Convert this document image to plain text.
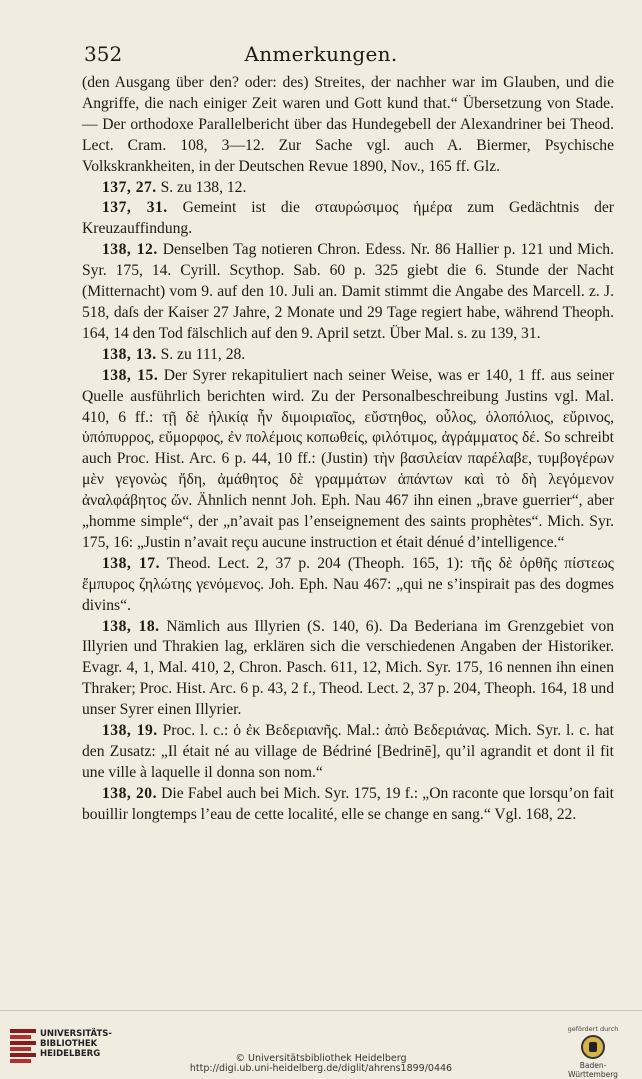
Anmerkungen.
352

(den Ausgang über den? oder: des) Streites, der nachher war im Glauben, und die Angriffe, die nach einiger Zeit waren und Gott kund that.“ Übersetzung von Stade. — Der orthodoxe Parallelbericht über das Hundegebell der Alexandriner bei Theod. Lect. Cram. 108, 3—12. Zur Sache vgl. auch A. Biermer, Psychische Volkskrankheiten, in der Deutschen Revue 1890, Nov., 165 ff. Glz.

137, 27. S. zu 138, 12.

137, 31. Gemeint ist die σταυρώσιμος ἡμέρα zum Gedächtnis der Kreuzauffindung.

138, 12. Denselben Tag notieren Chron. Edess. Nr. 86 Hallier p. 121 und Mich. Syr. 175, 14. Cyrill. Scythop. Sab. 60 p. 325 giebt die 6. Stunde der Nacht (Mitternacht) vom 9. auf den 10. Juli an. Damit stimmt die Angabe des Marcell. z. J. 518, daſs der Kaiser 27 Jahre, 2 Monate und 29 Tage regiert habe, während Theoph. 164, 14 den Tod fälschlich auf den 9. April setzt. Über Mal. s. zu 139, 31.

138, 13. S. zu 111, 28.

138, 15. Der Syrer rekapituliert nach seiner Weise, was er 140, 1 ff. aus seiner Quelle ausführlich berichten wird. Zu der Personalbeschreibung Justins vgl. Mal. 410, 6 ff.: τῇ δὲ ἡλικίᾳ ἦν διμοιριαῖος, εὔστηθος, οὖλος, ὁλοπόλιος, εὔρινος, ὑπόπυρρος, εὔμορφος, ἐν πολέμοις κοπωθείς, φιλότιμος, ἀγράμματος δέ. So schreibt auch Proc. Hist. Arc. 6 p. 44, 10 ff.: (Justin) τὴν βασιλείαν παρέλαβε, τυμβογέρων μὲν γεγονὼς ἤδη, ἀμάθητος δὲ γραμμάτων ἁπάντων καὶ τὸ δὴ λεγόμενον ἀναλφάβητος ὤν. Ähnlich nennt Joh. Eph. Nau 467 ihn einen „brave guerrier“, aber „homme simple“, der „n’avait pas l’enseignement des saints prophètes“. Mich. Syr. 175, 16: „Justin n’avait reçu aucune instruction et était dénué d’intelligence.“

138, 17. Theod. Lect. 2, 37 p. 204 (Theoph. 165, 1): τῆς δὲ ὀρθῆς πίστεως ἔμπυρος ζηλώτης γενόμενος. Joh. Eph. Nau 467: „qui ne s’inspirait pas des dogmes divins“.

138, 18. Nämlich aus Illyrien (S. 140, 6). Da Bederiana im Grenzgebiet von Illyrien und Thrakien lag, erklären sich die verschiedenen Angaben der Historiker. Evagr. 4, 1, Mal. 410, 2, Chron. Pasch. 611, 12, Mich. Syr. 175, 16 nennen ihn einen Thraker; Proc. Hist. Arc. 6 p. 43, 2 f., Theod. Lect. 2, 37 p. 204, Theoph. 164, 18 und unser Syrer einen Illyrier.

138, 19. Proc. l. c.: ὁ ἐκ Βεδεριανῆς. Mal.: ἀπὸ Βεδεριάνας. Mich. Syr. l. c. hat den Zusatz: „Il était né au village de Bédriné [Bedrinē], qu’il agrandit et dont il fit une ville à laquelle il donna son nom.“

138, 20. Die Fabel auch bei Mich. Syr. 175, 19 f.: „On raconte que lorsqu’on fait bouillir longtemps l’eau de cette localité, elle se change en sang.“ Vgl. 168, 22.

UNIVERSITÄTS-
BIBLIOTHEK
HEIDELBERG	© Universitätsbibliothek Heidelberg
http://digi.ub.uni-heidelberg.de/diglit/ahrens1899/0446
gefördert durch
Baden-Württemberg
